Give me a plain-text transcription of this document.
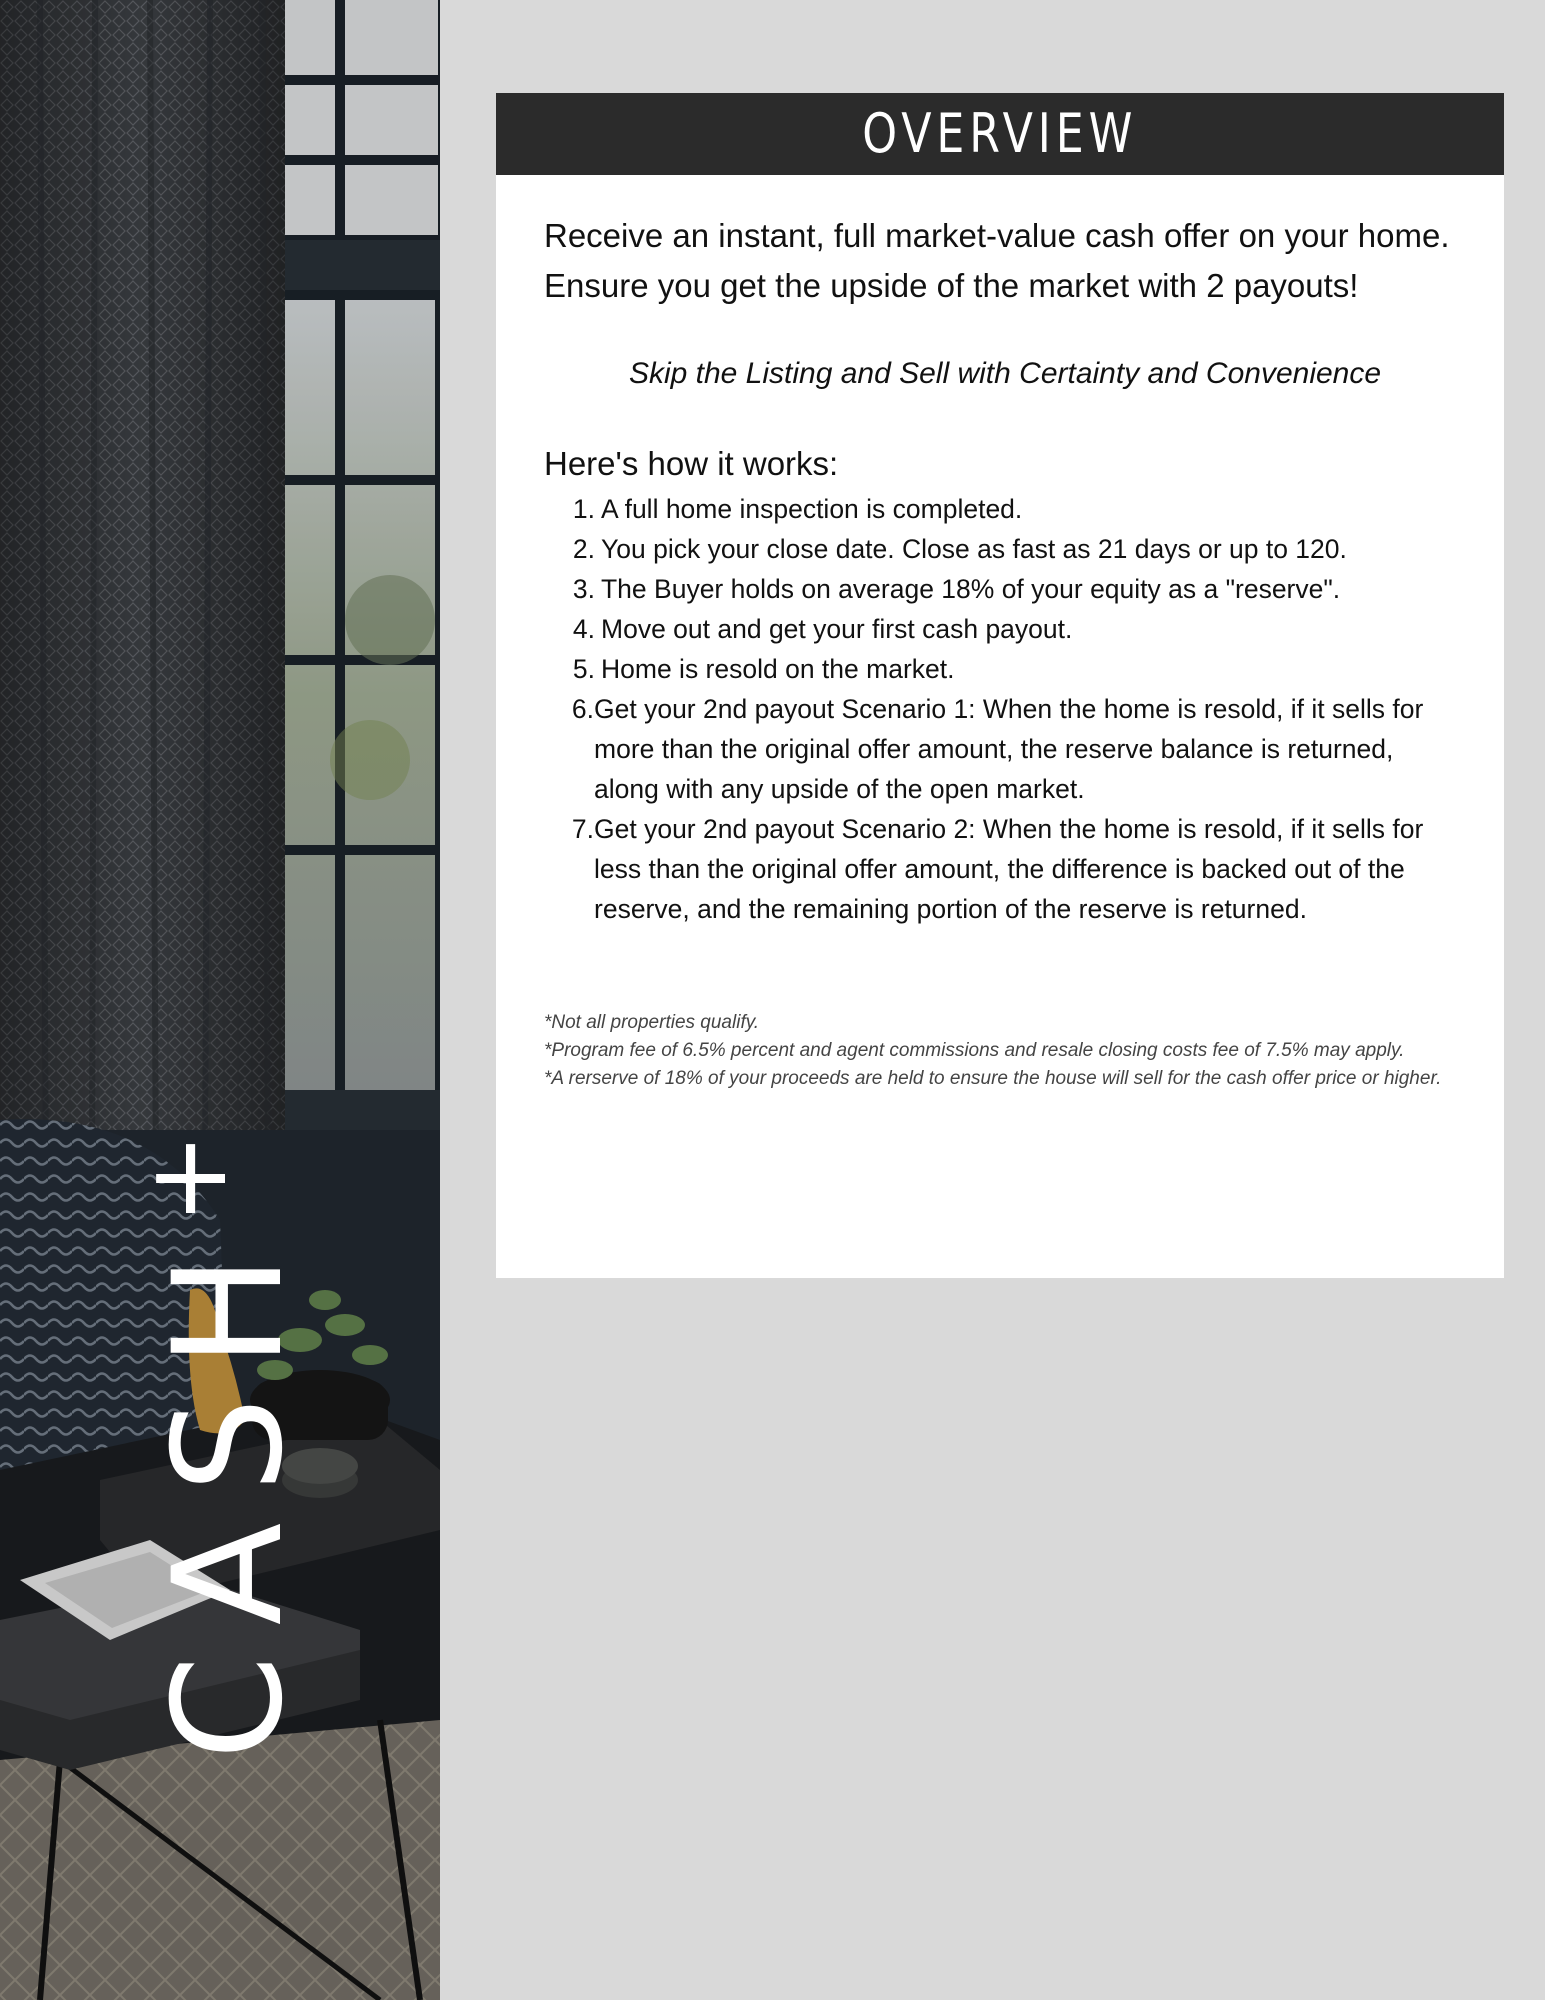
CASH+
OVERVIEW

Receive an instant, full market-value cash offer on your home. Ensure you get the upside of the market with 2 payouts!

Skip the Listing and Sell with Certainty and Convenience

Here's how it works:
1. A full home inspection is completed.
2. You pick your close date. Close as fast as 21 days or up to 120.
3. The Buyer holds on average 18% of your equity as a "reserve".
4. Move out and get your first cash payout.
5. Home is resold on the market.
6. Get your 2nd payout Scenario 1: When the home is resold, if it sells for more than the original offer amount, the reserve balance is returned, along with any upside of the open market.
7. Get your 2nd payout Scenario 2: When the home is resold, if it sells for less than the original offer amount, the difference is backed out of the reserve, and the remaining portion of the reserve is returned.
*Not all properties qualify.
*Program fee of 6.5% percent and agent commissions and resale closing costs fee of 7.5% may apply.
*A rerserve of 18% of your proceeds are held to ensure the house will sell for the cash offer price or higher.
